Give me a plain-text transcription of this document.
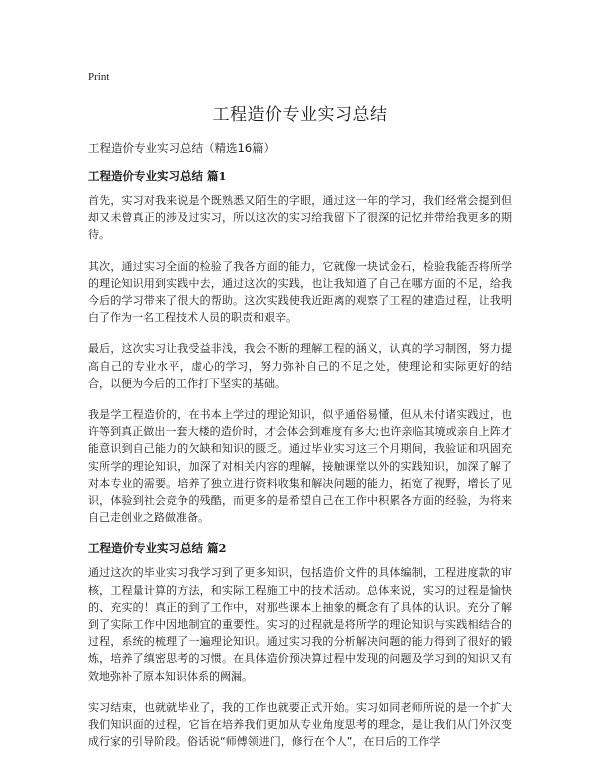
Print
工程造价专业实习总结
工程造价专业实习总结（精选16篇）
工程造价专业实习总结 篇1

首先，实习对我来说是个既熟悉又陌生的字眼，通过这一年的学习，我们经常会提到但却又未曾真正的涉及过实习，所以这次的实习给我留下了很深的记忆并带给我更多的期待。

其次，通过实习全面的检验了我各方面的能力，它就像一块试金石，检验我能否将所学的理论知识用到实践中去，通过这次的实践，也让我知道了自己在哪方面的不足，给我今后的学习带来了很大的帮助。这次实践使我近距离的观察了工程的建造过程，让我明白了作为一名工程技术人员的职责和艰辛。

最后，这次实习让我受益非浅，我会不断的理解工程的涵义，认真的学习制图，努力提高自己的专业水平，虚心的学习，努力弥补自己的不足之处，使理论和实际更好的结合，以便为今后的工作打下坚实的基础。

我是学工程造价的，在书本上学过的理论知识，似乎通俗易懂，但从未付诸实践过，也许等到真正做出一套大楼的造价时，才会体会到难度有多大;也许亲临其境或亲自上阵才能意识到自己能力的欠缺和知识的匮乏。通过毕业实习这三个月期间，我验证和巩固充实所学的理论知识，加深了对相关内容的理解，接触课堂以外的实践知识，加深了解了对本专业的需要。培养了独立进行资料收集和解决问题的能力，拓宽了视野，增长了见识，体验到社会竞争的残酷，而更多的是希望自己在工作中积累各方面的经验，为将来自己走创业之路做准备。

工程造价专业实习总结 篇2

通过这次的毕业实习我学习到了更多知识，包括造价文件的具体编制，工程进度款的审核，工程量计算的方法，和实际工程施工中的技术活动。总体来说，实习的过程是愉快的、充实的！真正的到了工作中，对那些课本上抽象的概念有了具体的认识。充分了解到了实际工作中因地制宜的重要性。实习的过程就是将所学的理论知识与实践相结合的过程，系统的梳理了一遍理论知识。通过实习我的分析解决问题的能力得到了很好的锻炼，培养了缜密思考的习惯。在具体造价预决算过程中发现的问题及学习到的知识又有效地弥补了原本知识体系的阙漏。

实习结束，也就就毕业了，我的工作也就要正式开始。实习如同老师所说的是一个扩大我们知识面的过程，它旨在培养我们更加从专业角度思考的理念，是让我们从门外汉变成行家的引导阶段。俗话说“师傅领进门，修行在个人”，在日后的工作学
